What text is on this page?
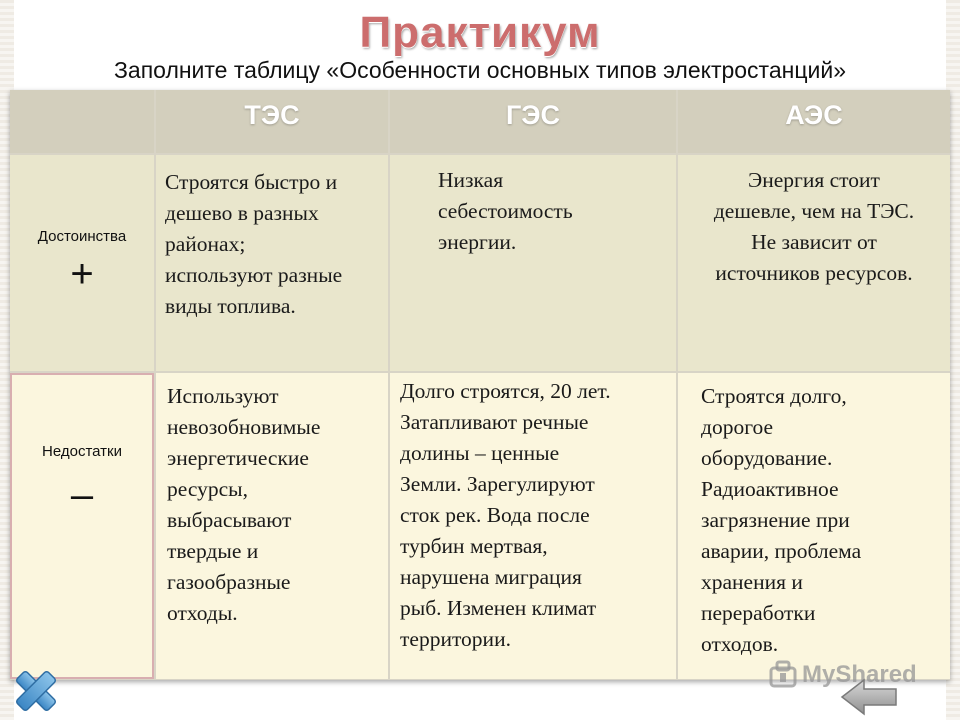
Практикум
Заполните таблицу «Особенности основных типов электростанций»
ТЭС	ГЭС	АЭС
Достоинства
+
Строятся быстро и
дешево в разных
районах;
используют разные
виды топлива.
Низкая
себестоимость
энергии.
Энергия стоит
дешевле, чем на ТЭС.
Не зависит от
источников ресурсов.
Недостатки
–
Используют
невозобновимые
энергетические
ресурсы,
выбрасывают
твердые и
газообразные
отходы.
Долго строятся, 20 лет.
Затапливают речные
долины – ценные
Земли. Зарегулируют
сток рек. Вода после
турбин мертвая,
нарушена миграция
рыб. Изменен климат
территории.
Строятся долго,
дорогое
оборудование.
Радиоактивное
загрязнение при
аварии, проблема
хранения и
переработки
отходов.
MyShared
